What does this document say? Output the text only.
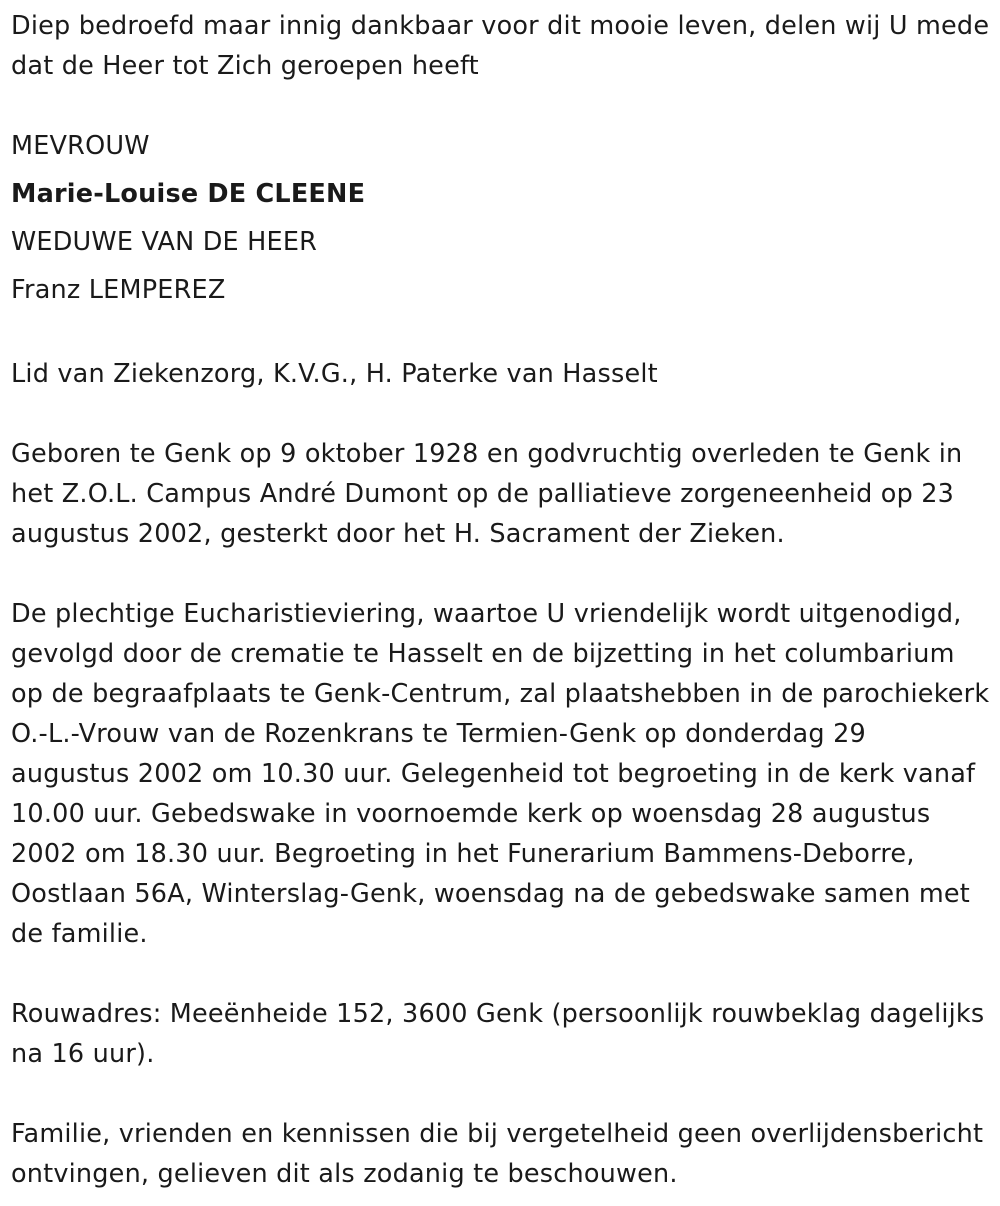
Diep bedroefd maar innig dankbaar voor dit mooie leven, delen wij U mede dat de Heer tot Zich geroepen heeft

MEVROUW

Marie-Louise DE CLEENE

WEDUWE VAN DE HEER

Franz LEMPEREZ

Lid van Ziekenzorg, K.V.G., H. Paterke van Hasselt

Geboren te Genk op 9 oktober 1928 en godvruchtig overleden te Genk in het Z.O.L. Campus André Dumont op de palliatieve zorgeneenheid op 23 augustus 2002, gesterkt door het H. Sacrament der Zieken.

De plechtige Eucharistieviering, waartoe U vriendelijk wordt uitgenodigd, gevolgd door de crematie te Hasselt en de bijzetting in het columbarium op de begraafplaats te Genk-Centrum, zal plaatshebben in de parochiekerk O.-L.-Vrouw van de Rozenkrans te Termien-Genk op donderdag 29 augustus 2002 om 10.30 uur. Gelegenheid tot begroeting in de kerk vanaf 10.00 uur. Gebedswake in voornoemde kerk op woensdag 28 augustus 2002 om 18.30 uur. Begroeting in het Funerarium Bammens-Deborre, Oostlaan 56A, Winterslag-Genk, woensdag na de gebedswake samen met de familie.

Rouwadres: Meeënheide 152, 3600 Genk (persoonlijk rouwbeklag dagelijks na 16 uur).

Familie, vrienden en kennissen die bij vergetelheid geen overlijdensbericht ontvingen, gelieven dit als zodanig te beschouwen.
